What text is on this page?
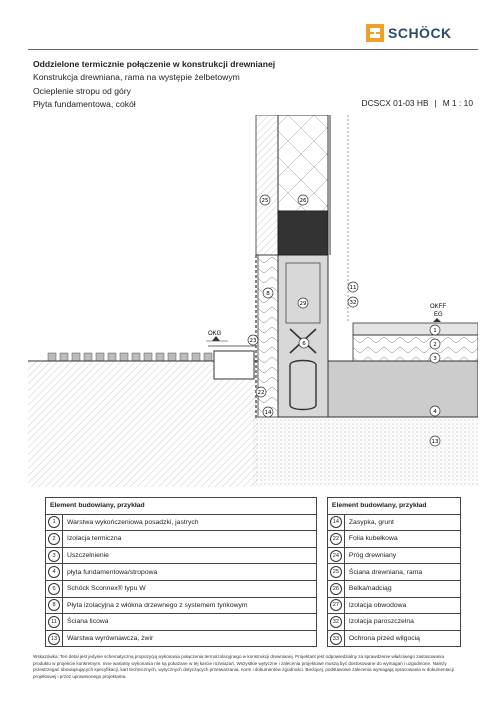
SCHÖCK
Oddzielone termicznie połączenie w konstrukcji drewnianej
Konstrukcja drewniana, rama na występie żelbetowym
Ocieplenie stropu od góry
Płyta fundamentowa, cokół	DCSCX 01-03 HB | M 1 : 10
OKG
OKFF
EG
1
2
3
4
6
8
11
13
14
22
23
25	26
29	32
Element budowlany, przykład			Element budowlany, przykład	
1	Warstwa wykończeniowa posadzki, jastrych		14	Zasypka, grunt
2	Izolacja termiczna		22	Folia kubełkowa
3	Uszczelnienie		24	Próg drewniany
4	płyta fundamentowa/stropowa		25	Ściana drewniana, rama
6	Schöck Sconnex® typu W		26	Belka/nadciąg
8	Płyta izolacyjna z włókna drzewnego z systemem tynkowym		27	Izolacja obwodowa
11	Ściana licowa		32	Izolacja paroszczelna
13	Warstwa wyrównawcza, żwir		33	Ochrona przed wilgocią
Wskazówka: Ten detal jest jedynie schematyczną propozycją wykonania połączenia termoizolacyjnego w konstrukcji drewnianej. Projektant jest odpowiedzialny za sprawdzenie właściwego zastosowania produktu w projekcie konkretnym. Inne warianty wykonania nie są pokazane w tej karcie rozwiązań. Wszystkie wytyczne i zalecenia projektowe muszą być dostosowane do wymagań i uzgodnione. Należy przestrzegać obowiązujących specyfikacji, kart technicznych, wytycznych dotyczących przetwarzania, norm i dokumentów zgodności. Bieżącej, podstawowe zalecenia wymagają opracowania w dokumentacji projektowej i przez uprawnionego projektanta.
